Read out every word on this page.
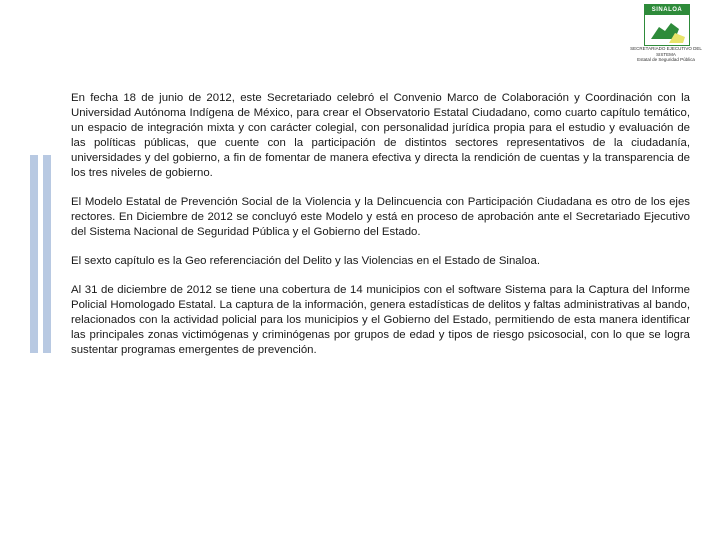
SINALOA
SECRETARIADO EJECUTIVO DEL SISTEMA
Estatal de Seguridad Pública

En fecha 18 de junio de 2012, este Secretariado celebró el Convenio Marco de Colaboración y Coordinación con la Universidad Autónoma Indígena de México, para crear el Observatorio Estatal Ciudadano, como cuarto capítulo temático, un espacio de integración mixta y con carácter colegial, con personalidad jurídica propia para el estudio y evaluación de las políticas públicas, que cuente con la participación de distintos sectores representativos de la ciudadanía, universidades y del gobierno, a fin de fomentar de manera efectiva y directa la rendición de cuentas y la transparencia de los tres niveles de gobierno.

El Modelo Estatal de Prevención Social de la Violencia y la Delincuencia con Participación Ciudadana es otro de los ejes rectores. En Diciembre de 2012 se concluyó este Modelo y está en proceso de aprobación ante el Secretariado Ejecutivo del Sistema Nacional de Seguridad Pública y el Gobierno del Estado.

El sexto capítulo es la Geo referenciación del Delito y las Violencias en el Estado de Sinaloa.

Al 31 de diciembre de 2012 se tiene una cobertura de 14 municipios con el software Sistema para la Captura del Informe Policial Homologado Estatal. La captura de la información, genera estadísticas de delitos y faltas administrativas al bando, relacionados con la actividad policial para los municipios y el Gobierno del Estado, permitiendo de esta manera identificar las principales zonas victimógenas y criminógenas por grupos de edad y tipos de riesgo psicosocial, con lo que se logra sustentar programas emergentes de prevención.
